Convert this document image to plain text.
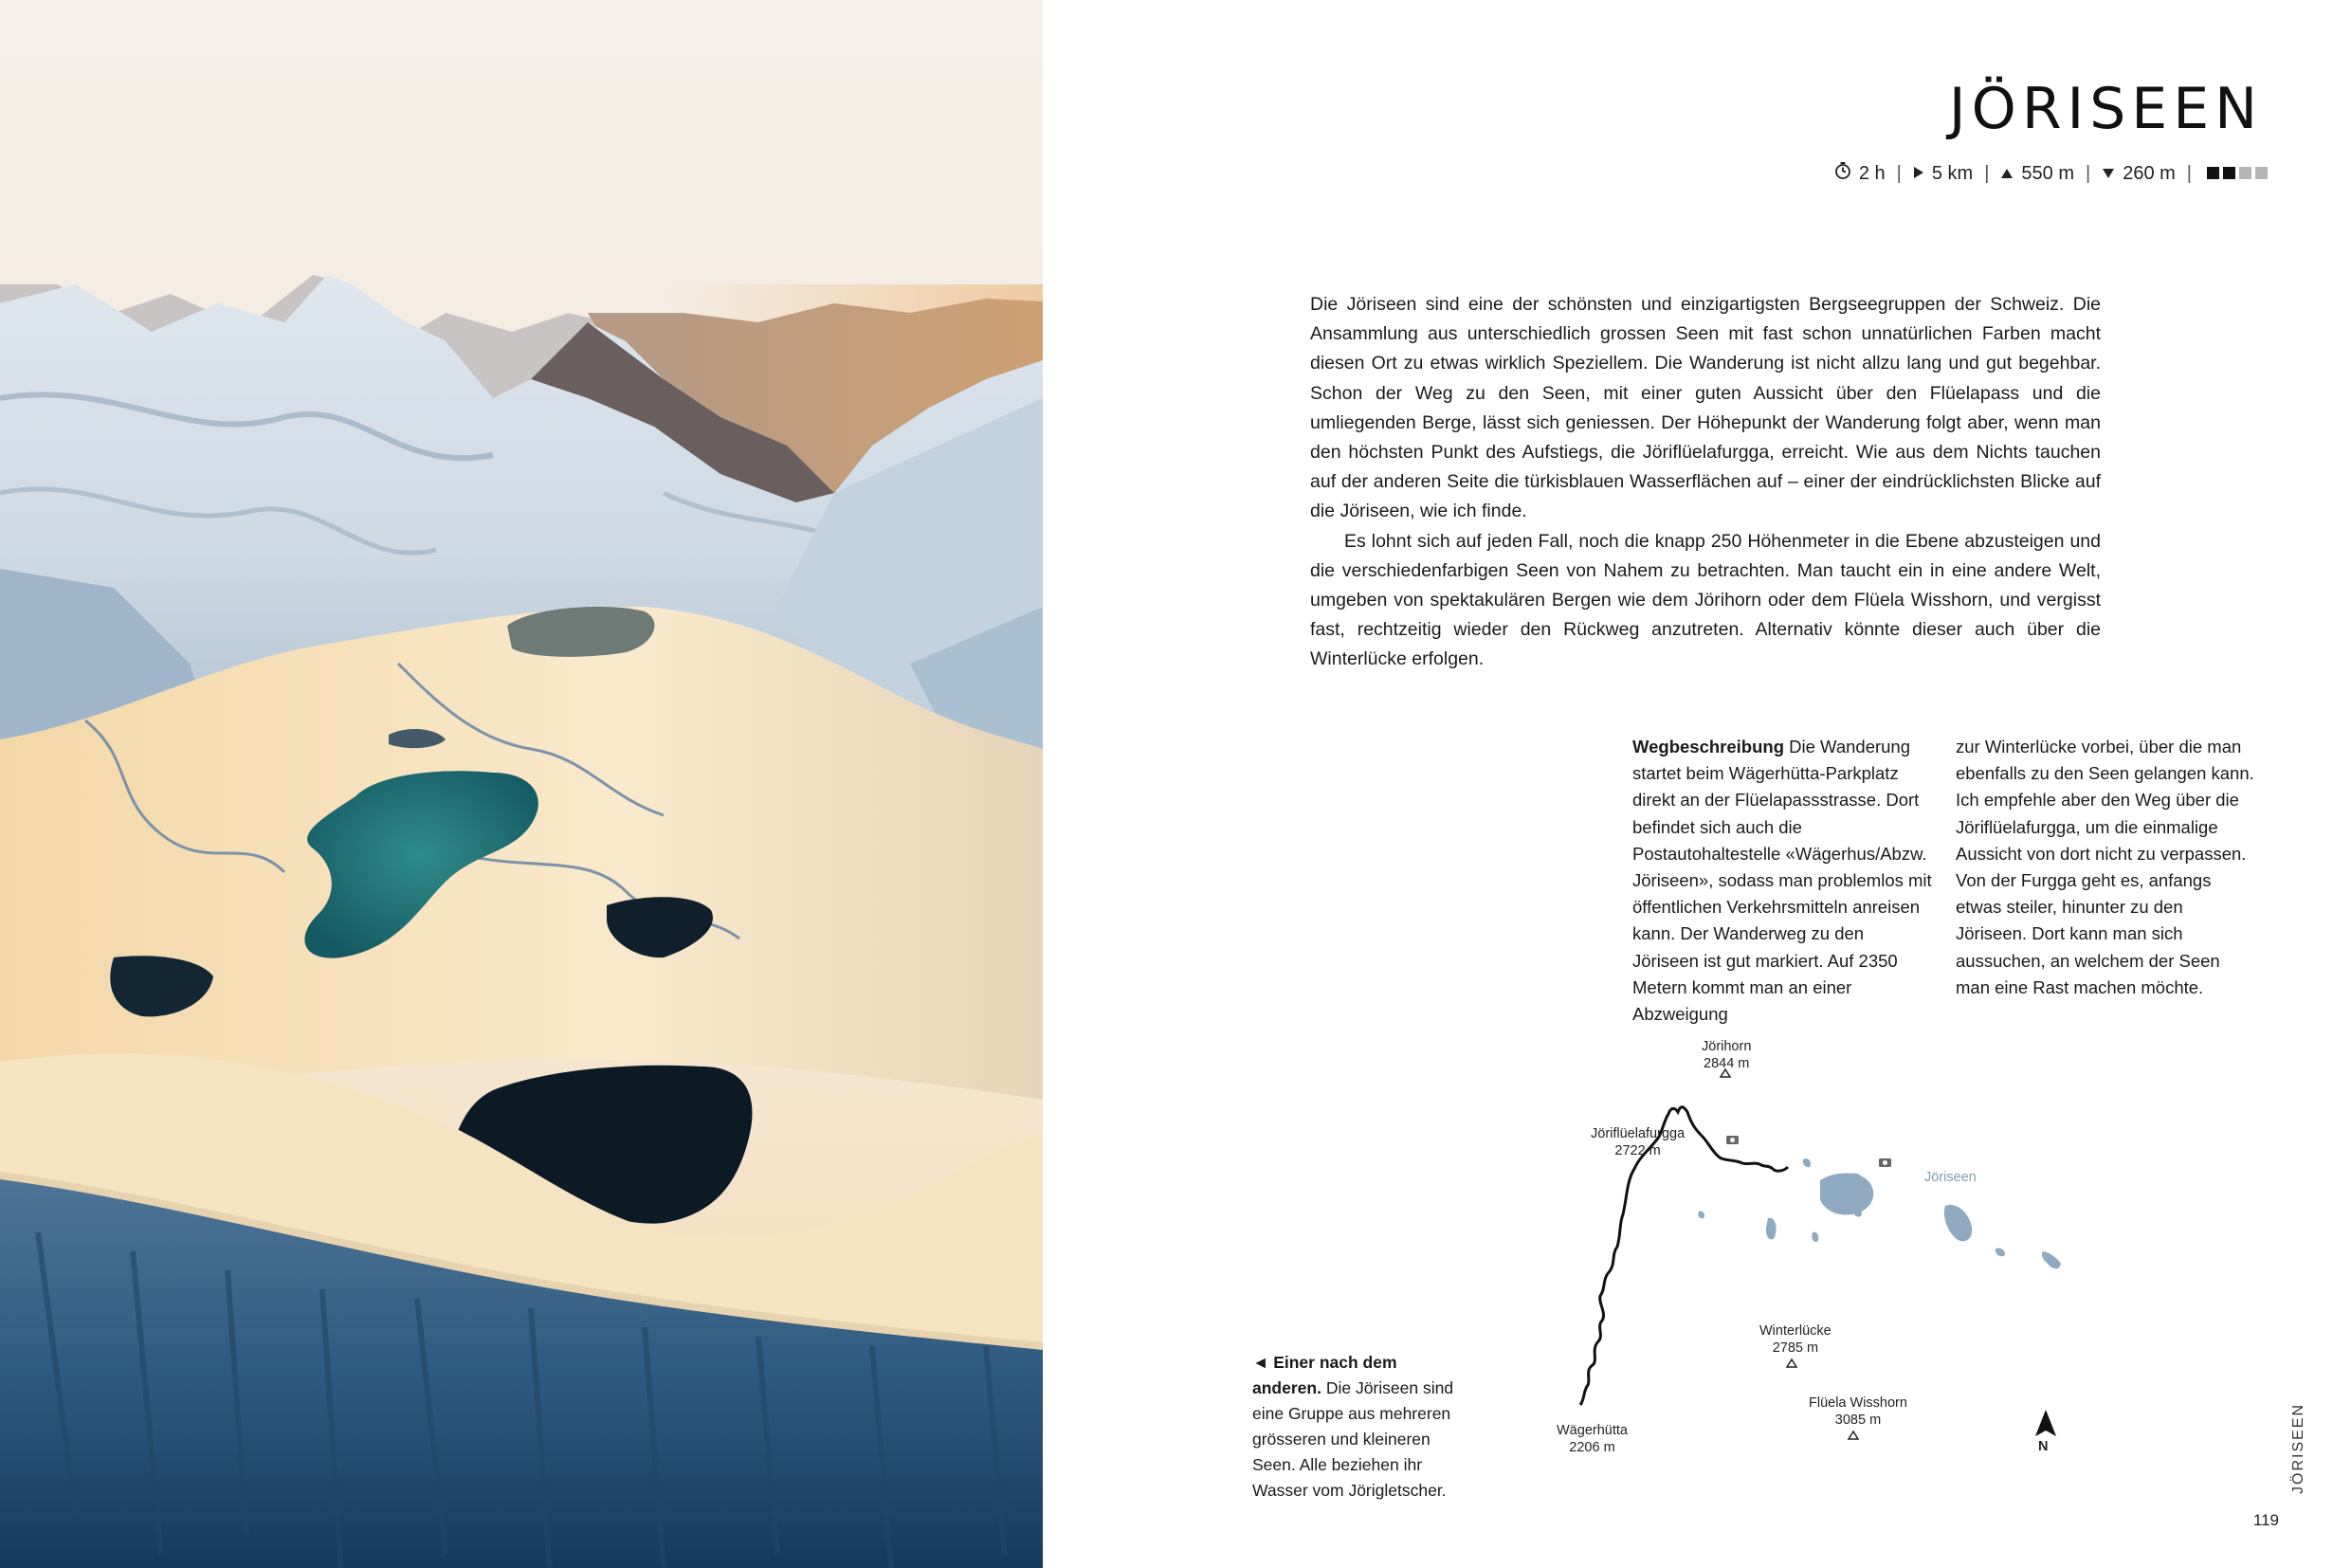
JÖRISEEN
2 h | 5 km | 550 m | 260 m |

Die Jöriseen sind eine der schönsten und einzigartigsten Bergseegruppen der Schweiz. Die Ansammlung aus unterschiedlich grossen Seen mit fast schon unnatürlichen Farben macht diesen Ort zu etwas wirklich Speziellem. Die Wanderung ist nicht allzu lang und gut begehbar. Schon der Weg zu den Seen, mit einer guten Aussicht über den Flüelapass und die umliegenden Berge, lässt sich geniessen. Der Höhepunkt der Wanderung folgt aber, wenn man den höchsten Punkt des Aufstiegs, die Jöriflüelafurgga, erreicht. Wie aus dem Nichts tauchen auf der anderen Seite die türkisblauen Wasserflächen auf – einer der eindrücklichsten Blicke auf die Jöriseen, wie ich finde.

Es lohnt sich auf jeden Fall, noch die knapp 250 Höhenmeter in die Ebene abzusteigen und die verschiedenfarbigen Seen von Nahem zu betrachten. Man taucht ein in eine andere Welt, umgeben von spektakulären Bergen wie dem Jörihorn oder dem Flüela Wisshorn, und vergisst fast, rechtzeitig wieder den Rückweg anzutreten. Alternativ könnte dieser auch über die Winterlücke erfolgen.

Wegbeschreibung Die Wanderung startet beim Wägerhütta-Parkplatz direkt an der Flüelapassstrasse. Dort befindet sich auch die Postautohaltestelle «Wägerhus/Abzw. Jöriseen», sodass man problemlos mit öffentlichen Verkehrsmitteln anreisen kann. Der Wanderweg zu den Jöriseen ist gut markiert. Auf 2350 Metern kommt man an einer Abzweigung
zur Winterlücke vorbei, über die man ebenfalls zu den Seen gelangen kann. Ich empfehle aber den Weg über die Jöriflüelafurgga, um die einmalige Aussicht von dort nicht zu verpassen. Von der Furgga geht es, anfangs etwas steiler, hinunter zu den Jöriseen. Dort kann man sich aussuchen, an welchem der Seen man eine Rast machen möchte.
◄ Einer nach dem anderen. Die Jöriseen sind eine Gruppe aus mehreren grösseren und kleineren Seen. Alle beziehen ihr Wasser vom Jörigletscher.
Jörihorn
2844 m
Jöriflüelafurgga
2722 m
Jöriseen
Winterlücke
2785 m
Flüela Wisshorn
3085 m
Wägerhütta
2206 m	N	JÖRISEEN
119
